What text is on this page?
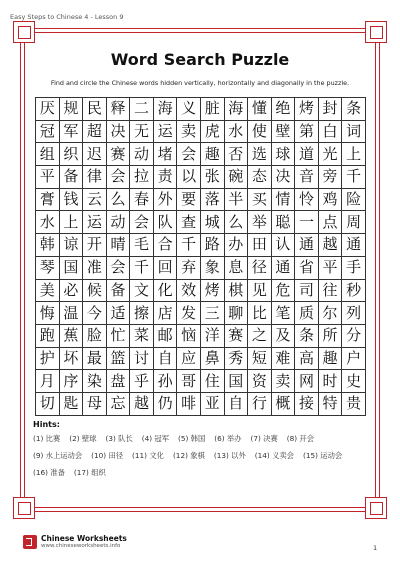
Easy Steps to Chinese 4 - Lesson 9
Word Search Puzzle
Find and circle the Chinese words hidden vertically, horizontally and diagonally in the puzzle.
厌 规 民 释 二 海 义 脏 海 懂 绝 烤 封 条
冠 军 超 决 无 运 卖 虎 水 使 壁 第 白 词
组 织 迟 赛 动 堵 会 趣 否 选 球 道 光 上
平 备 律 会 拉 责 以 张 碗 态 决 音 旁 千
膏 钱 云 么 春 外 要 落 半 买 情 怜 鸡 险
水 上 运 动 会 队 查 城 么 举 聪 一 点 周
韩 谅 开 晴 毛 合 千 路 办 田 认 通 越 通
琴 国 准 会 千 回 弃 象 息 径 通 省 平 手
美 必 候 备 文 化 效 烤 棋 见 危 司 往 秒
悔 温 今 适 擦 店 发 三 聊 比 笔 质 尔 列
跑 蕉 脸 忙 菜 邮 恼 洋 赛 之 及 条 所 分
护 坏 最 篮 讨 自 应 鼻 秀 短 难 高 趣 户
月 序 染 盘 乎 孙 哥 住 国 资 卖 网 时 史
切 匙 母 忘 越 仍 啡 亚 自 行 概 接 特 贵
Hints:
(1) 比赛 (2) 壁球 (3) 队长 (4) 冠军 (5) 韩国 (6) 举办 (7) 决赛 (8) 开会
(9) 水上运动会 (10) 田径 (11) 文化 (12) 象棋 (13) 以外 (14) 义卖会 (15) 运动会
(16) 准备 (17) 组织
Chinese Worksheets
www.chineseworksheets.info	1
